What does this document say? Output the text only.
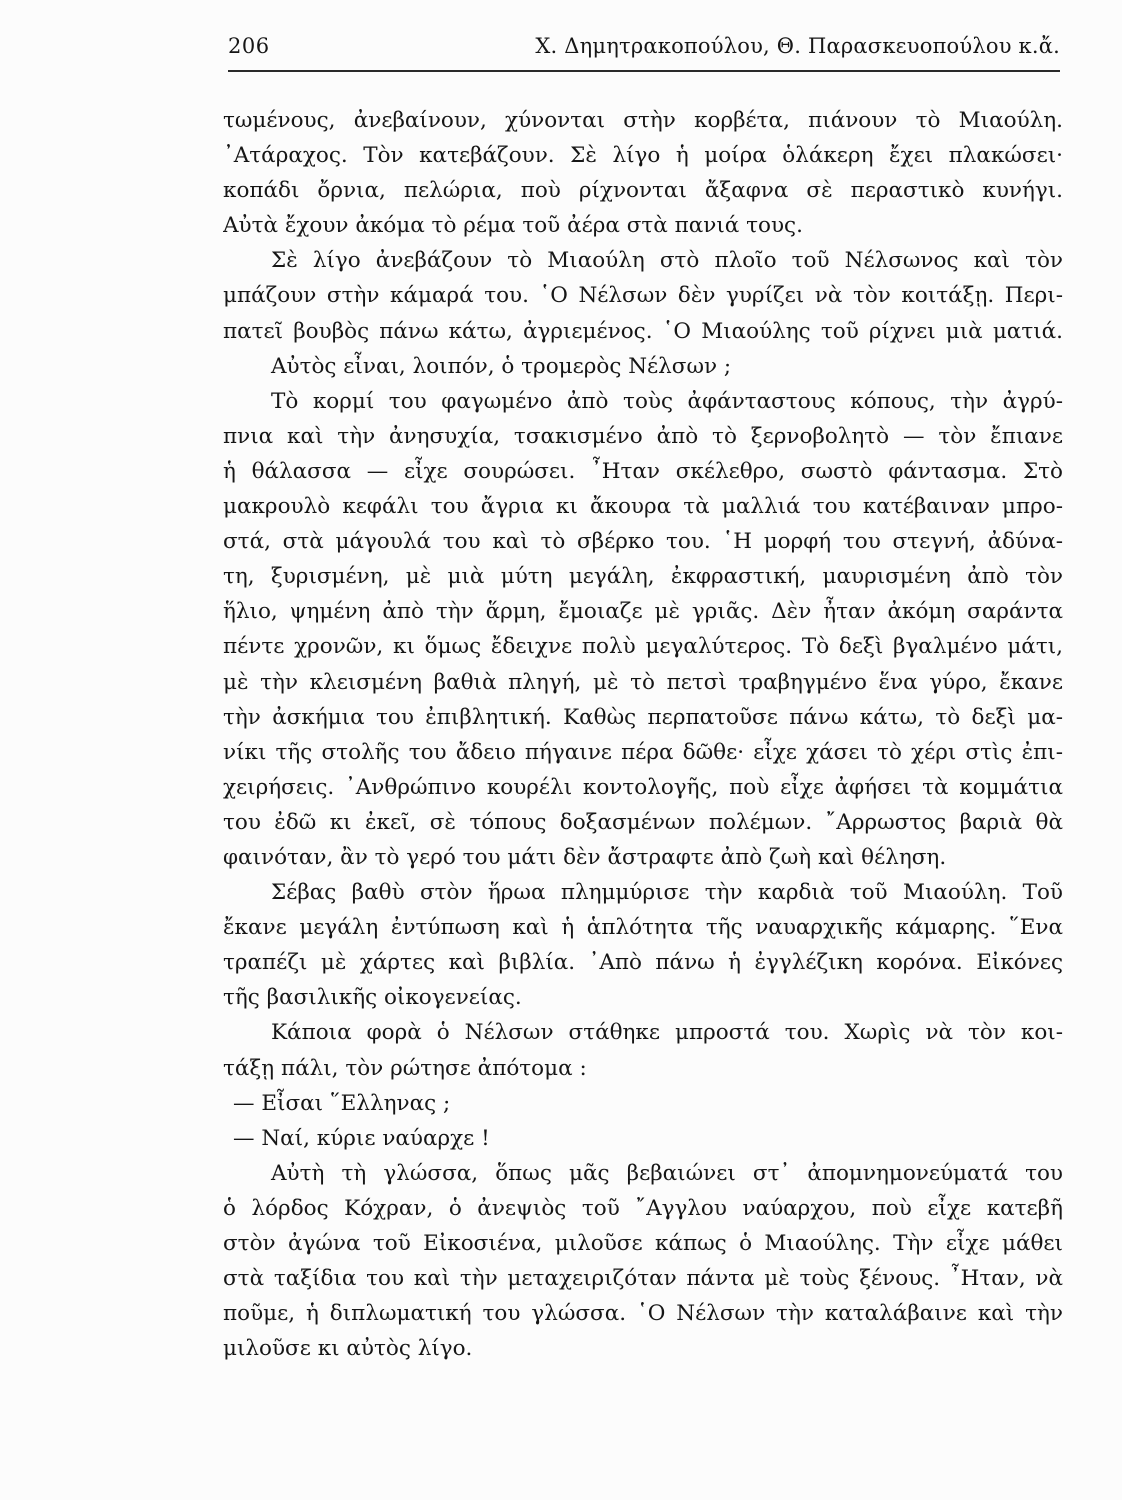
206	Χ. Δημητρακοπούλου, Θ. Παρασκευοπούλου κ.ἄ.
τωμένους, ἀνεβαίνουν, χύνονται στὴν κορβέτα, πιάνουν τὸ Μιαούλη.
᾿Ατάραχος. Τὸν κατεβάζουν. Σὲ λίγο ἡ μοίρα ὁλάκερη ἔχει πλακώσει·
κοπάδι ὄρνια, πελώρια, ποὺ ρίχνονται ἄξαφνα σὲ περαστικὸ κυνήγι.
Αὐτὰ ἔχουν ἀκόμα τὸ ρέμα τοῦ ἀέρα στὰ πανιά τους.
Σὲ λίγο ἀνεβάζουν τὸ Μιαούλη στὸ πλοῖο τοῦ Νέλσωνος καὶ τὸν
μπάζουν στὴν κάμαρά του. ῾Ο Νέλσων δὲν γυρίζει νὰ τὸν κοιτάξῃ. Περι-
πατεῖ βουβὸς πάνω κάτω, ἀγριεμένος. ῾Ο Μιαούλης τοῦ ρίχνει μιὰ ματιά.
Αὐτὸς εἶναι, λοιπόν, ὁ τρομερὸς Νέλσων ;
Τὸ κορμί του φαγωμένο ἀπὸ τοὺς ἀφάνταστους κόπους, τὴν ἀγρύ-
πνια καὶ τὴν ἀνησυχία, τσακισμένο ἀπὸ τὸ ξερνοβολητὸ — τὸν ἔπιανε
ἡ θάλασσα — εἶχε σουρώσει. ῏Ηταν σκέλεθρο, σωστὸ φάντασμα. Στὸ
μακρουλὸ κεφάλι του ἄγρια κι ἄκουρα τὰ μαλλιά του κατέβαιναν μπρο-
στά, στὰ μάγουλά του καὶ τὸ σβέρκο του. ῾Η μορφή του στεγνή, ἀδύνα-
τη, ξυρισμένη, μὲ μιὰ μύτη μεγάλη, ἐκφραστική, μαυρισμένη ἀπὸ τὸν
ἥλιο, ψημένη ἀπὸ τὴν ἅρμη, ἔμοιαζε μὲ γριᾶς. Δὲν ἦταν ἀκόμη σαράντα
πέντε χρονῶν, κι ὅμως ἔδειχνε πολὺ μεγαλύτερος. Τὸ δεξὶ βγαλμένο μάτι,
μὲ τὴν κλεισμένη βαθιὰ πληγή, μὲ τὸ πετσὶ τραβηγμένο ἕνα γύρο, ἔκανε
τὴν ἀσκήμια του ἐπιβλητική. Καθὼς περπατοῦσε πάνω κάτω, τὸ δεξὶ μα-
νίκι τῆς στολῆς του ἄδειο πήγαινε πέρα δῶθε· εἶχε χάσει τὸ χέρι στὶς ἐπι-
χειρήσεις. ᾿Ανθρώπινο κουρέλι κοντολογῆς, ποὺ εἶχε ἀφήσει τὰ κομμάτια
του ἐδῶ κι ἐκεῖ, σὲ τόπους δοξασμένων πολέμων. ῎Αρρωστος βαριὰ θὰ
φαινόταν, ἂν τὸ γερό του μάτι δὲν ἄστραφτε ἀπὸ ζωὴ καὶ θέληση.
Σέβας βαθὺ στὸν ἥρωα πλημμύρισε τὴν καρδιὰ τοῦ Μιαούλη. Τοῦ
ἔκανε μεγάλη ἐντύπωση καὶ ἡ ἁπλότητα τῆς ναυαρχικῆς κάμαρης. ῞Ενα
τραπέζι μὲ χάρτες καὶ βιβλία. ᾿Απὸ πάνω ἡ ἐγγλέζικη κορόνα. Εἰκόνες
τῆς βασιλικῆς οἰκογενείας.
Κάποια φορὰ ὁ Νέλσων στάθηκε μπροστά του. Χωρὶς νὰ τὸν κοι-
τάξῃ πάλι, τὸν ρώτησε ἀπότομα :
— Εἶσαι ῞Ελληνας ;
— Ναί, κύριε ναύαρχε !
Αὐτὴ τὴ γλώσσα, ὅπως μᾶς βεβαιώνει στ᾿ ἀπομνημονεύματά του
ὁ λόρδος Κόχραν, ὁ ἀνεψιὸς τοῦ ῎Αγγλου ναύαρχου, ποὺ εἶχε κατεβῆ
στὸν ἀγώνα τοῦ Εἰκοσιένα, μιλοῦσε κάπως ὁ Μιαούλης. Τὴν εἶχε μάθει
στὰ ταξίδια του καὶ τὴν μεταχειριζόταν πάντα μὲ τοὺς ξένους. ῏Ηταν, νὰ
ποῦμε, ἡ διπλωματική του γλώσσα. ῾Ο Νέλσων τὴν καταλάβαινε καὶ τὴν
μιλοῦσε κι αὐτὸς λίγο.
